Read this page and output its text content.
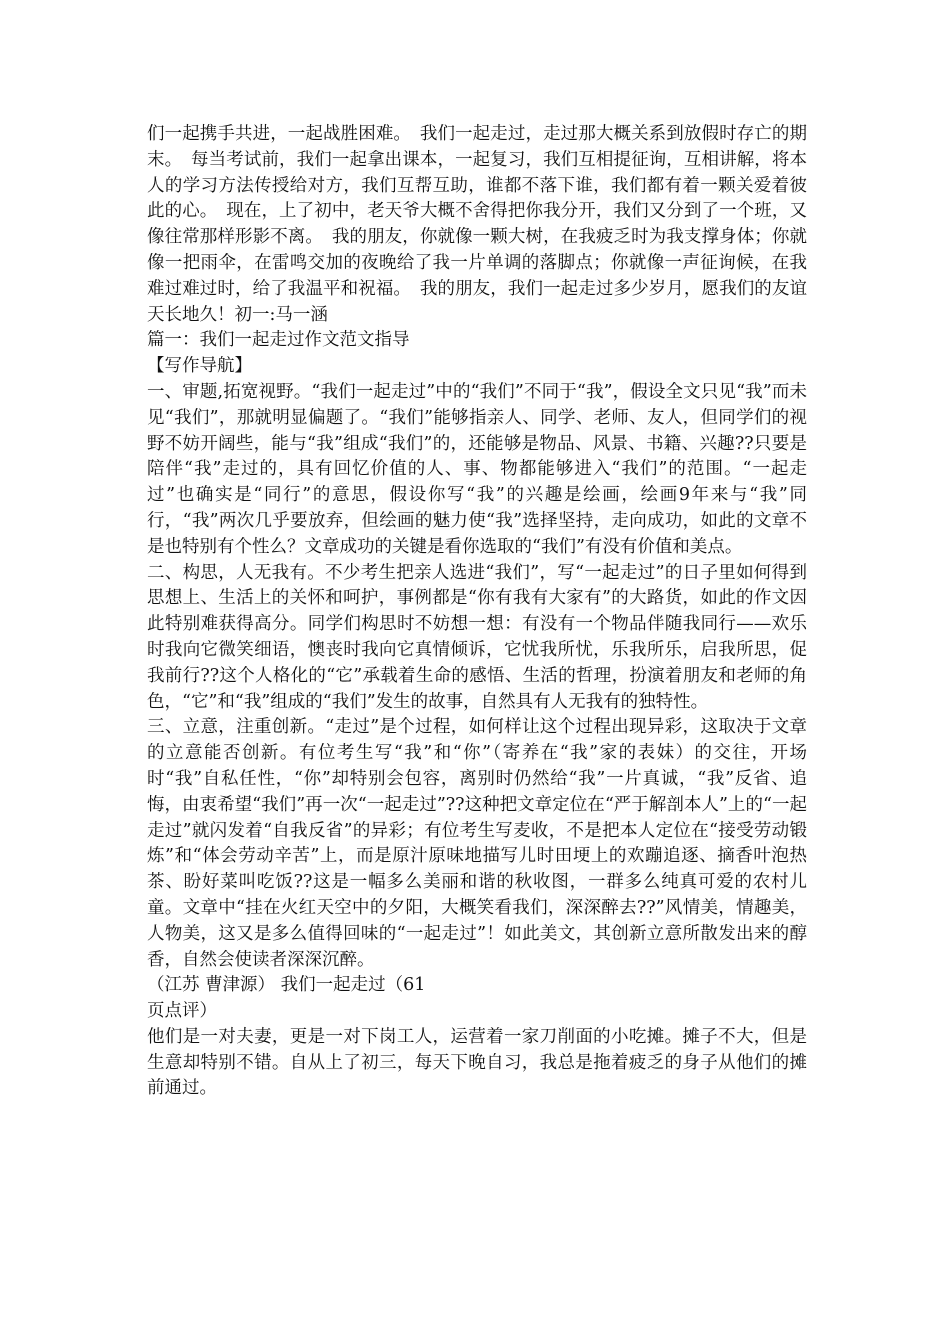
们一起携手共进，一起战胜困难。　我们一起走过，走过那大概关系到放假时存亡的期末。　每当考试前，我们一起拿出课本，一起复习，我们互相提征询，互相讲解，将本人的学习方法传授给对方，我们互帮互助，谁都不落下谁，我们都有着一颗关爱着彼此的心。　现在，上了初中，老天爷大概不舍得把你我分开，我们又分到了一个班，又像往常那样形影不离。　我的朋友，你就像一颗大树，在我疲乏时为我支撑身体；你就像一把雨伞，在雷鸣交加的夜晚给了我一片单调的落脚点；你就像一声征询候，在我难过难过时，给了我温平和祝福。　我的朋友，我们一起走过多少岁月，愿我们的友谊天长地久！初一:马一涵

篇一：我们一起走过作文范文指导

【写作导航】

一、审题,拓宽视野。“我们一起走过”中的“我们”不同于“我”，假设全文只见“我”而未见“我们”，那就明显偏题了。“我们”能够指亲人、同学、老师、友人，但同学们的视野不妨开阔些，能与“我”组成“我们”的，还能够是物品、风景、书籍、兴趣??只要是陪伴“我”走过的，具有回忆价值的人、事、物都能够进入“我们”的范围。“一起走过”也确实是“同行”的意思，假设你写“我”的兴趣是绘画，绘画9年来与“我”同行，“我”两次几乎要放弃，但绘画的魅力使“我”选择坚持，走向成功，如此的文章不是也特别有个性么？文章成功的关键是看你选取的“我们”有没有价值和美点。

二、构思，人无我有。不少考生把亲人选进“我们”，写“一起走过”的日子里如何得到思想上、生活上的关怀和呵护，事例都是“你有我有大家有”的大路货，如此的作文因此特别难获得高分。同学们构思时不妨想一想：有没有一个物品伴随我同行——欢乐时我向它微笑细语，懊丧时我向它真情倾诉，它忧我所忧，乐我所乐，启我所思，促我前行??这个人格化的“它”承载着生命的感悟、生活的哲理，扮演着朋友和老师的角色，“它”和“我”组成的“我们”发生的故事，自然具有人无我有的独特性。

三、立意，注重创新。“走过”是个过程，如何样让这个过程出现异彩，这取决于文章的立意能否创新。有位考生写“我”和“你”（寄养在“我”家的表妹）的交往，开场时“我”自私任性，“你”却特别会包容，离别时仍然给“我”一片真诚，“我”反省、追悔，由衷希望“我们”再一次“一起走过”??这种把文章定位在“严于解剖本人”上的“一起走过”就闪发着“自我反省”的异彩；有位考生写麦收，不是把本人定位在“接受劳动锻炼”和“体会劳动辛苦”上，而是原汁原味地描写儿时田埂上的欢蹦追逐、摘香叶泡热茶、盼好菜叫吃饭??这是一幅多么美丽和谐的秋收图，一群多么纯真可爱的农村儿童。文章中“挂在火红天空中的夕阳，大概笑看我们，深深醉去??”风情美，情趣美，人物美，这又是多么值得回味的“一起走过”！如此美文，其创新立意所散发出来的醇香，自然会使读者深深沉醉。

（江苏 曹津源） 我们一起走过（61

页点评）

他们是一对夫妻，更是一对下岗工人，运营着一家刀削面的小吃摊。摊子不大，但是生意却特别不错。自从上了初三，每天下晚自习，我总是拖着疲乏的身子从他们的摊前通过。
